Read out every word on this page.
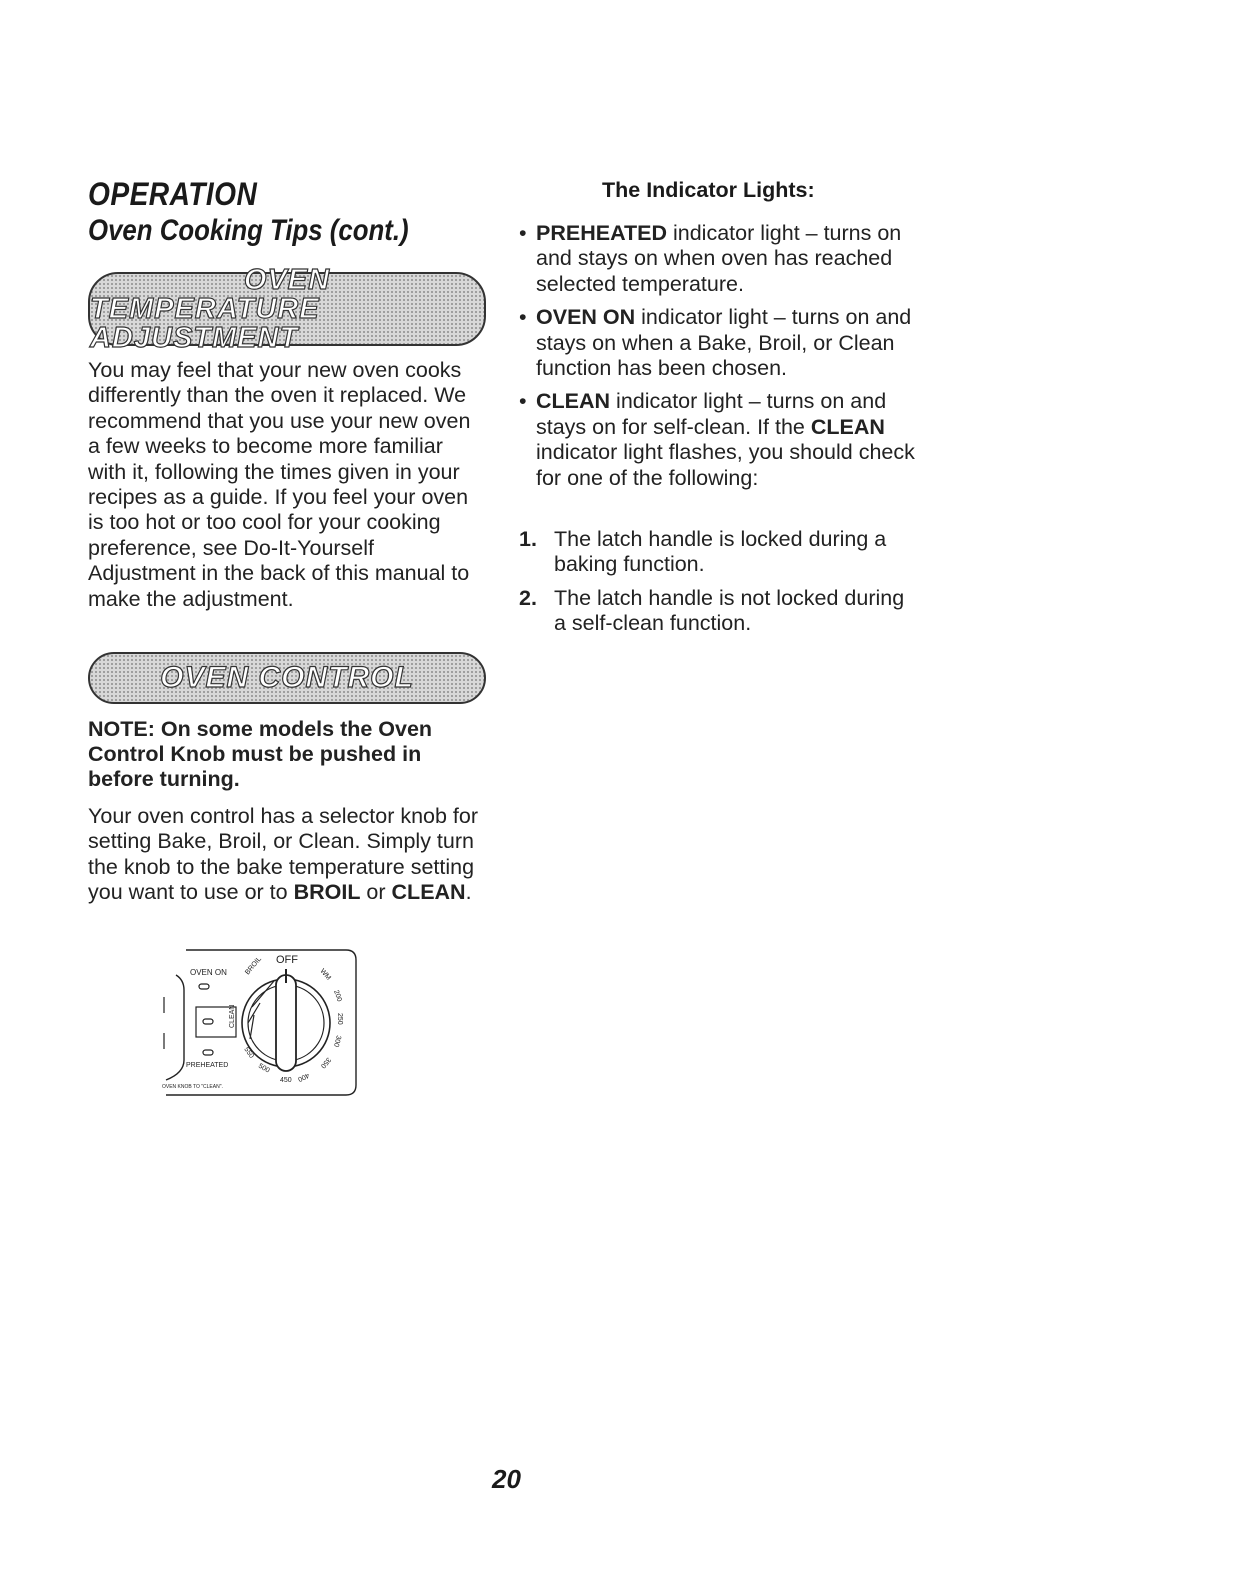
OPERATION
Oven Cooking Tips (cont.)
OVEN
TEMPERATURE ADJUSTMENT

You may feel that your new oven cooks differently than the oven it replaced. We recommend that you use your new oven a few weeks to become more familiar with it, following the times given in your recipes as a guide. If you feel your oven is too hot or too cool for your cooking preference, see Do-It-Yourself Adjustment in the back of this manual to make the adjustment.

OVEN CONTROL

NOTE: On some models the Oven Control Knob must be pushed in before turning.

Your oven control has a selector knob for setting Bake, Broil, or Clean. Simply turn the knob to the bake temperature setting you want to use or to BROIL or CLEAN.

The Indicator Lights:
• PREHEATED indicator light – turns on and stays on when oven has reached selected temperature.
• OVEN ON indicator light – turns on and stays on when a Bake, Broil, or Clean function has been chosen.
• CLEAN indicator light – turns on and stays on for self-clean. If the CLEAN indicator light flashes, you should check for one of the following:
1. The latch handle is locked during a baking function.
2. The latch handle is not locked during a self-clean function.
OVEN ON
PREHEATED
CLEAN
OFF
BROIL	WM
200
250
300
350
400
450
500
550
OVEN KNOB TO "CLEAN".

20
